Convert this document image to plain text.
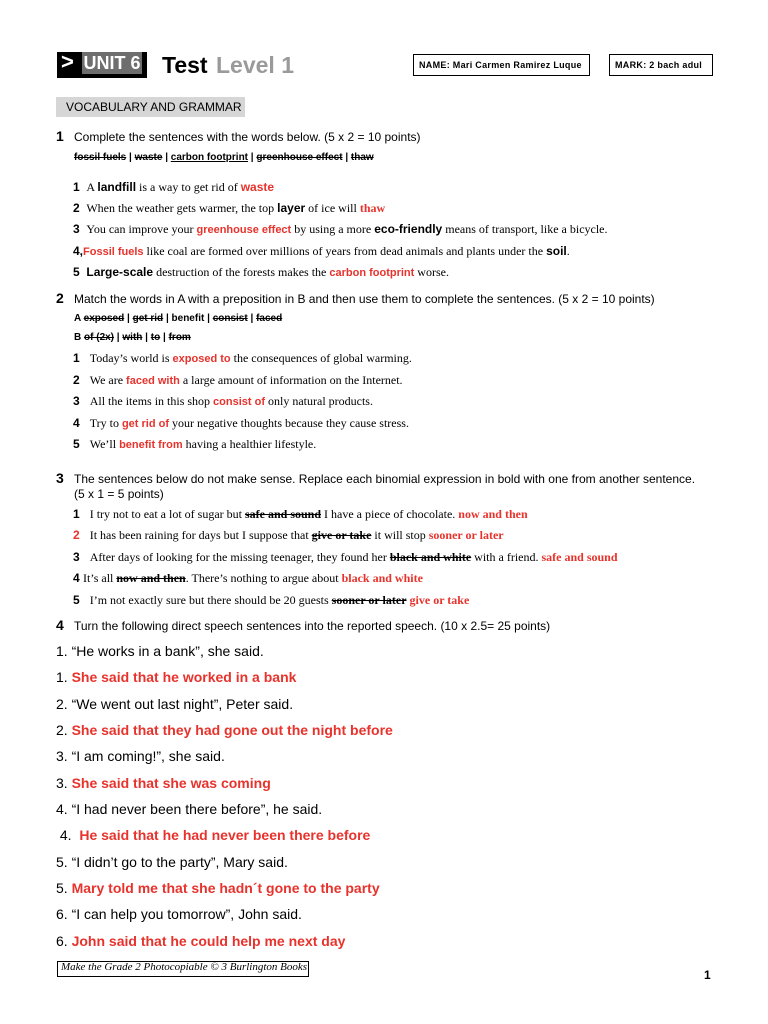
> UNIT 6 Test Level 1	NAME: Mari Carmen Ramirez Luque	MARK: 2 bach adul
VOCABULARY AND GRAMMAR
1 Complete the sentences with the words below. (5 x 2 = 10 points)
fossil fuels | waste | carbon footprint | greenhouse effect | thaw
1 A landfill is a way to get rid of waste
2 When the weather gets warmer, the top layer of ice will thaw
3 You can improve your greenhouse effect by using a more eco-friendly means of transport, like a bicycle.
4,Fossil fuels like coal are formed over millions of years from dead animals and plants under the soil.
5 Large-scale destruction of the forests makes the carbon footprint worse.
2 Match the words in A with a preposition in B and then use them to complete the sentences. (5 x 2 = 10 points)
A exposed | get rid | benefit | consist | faced
B of (2x) | with | to | from
1 Today’s world is exposed to the consequences of global warming.
2 We are faced with a large amount of information on the Internet.
3 All the items in this shop consist of only natural products.
4 Try to get rid of your negative thoughts because they cause stress.
5 We’ll benefit from having a healthier lifestyle.
3 The sentences below do not make sense. Replace each binomial expression in bold with one from another sentence.
(5 x 1 = 5 points)
1 I try not to eat a lot of sugar but safe and sound I have a piece of chocolate. now and then
2 It has been raining for days but I suppose that give or take it will stop sooner or later
3 After days of looking for the missing teenager, they found her black and white with a friend. safe and sound
4 It’s all now and then. There’s nothing to argue about black and white
5 I’m not exactly sure but there should be 20 guests sooner or later give or take
4 Turn the following direct speech sentences into the reported speech. (10 x 2.5= 25 points)
1. “He works in a bank”, she said.
1. She said that he worked in a bank
2. “We went out last night”, Peter said.
2. She said that they had gone out the night before
3. “I am coming!”, she said.
3. She said that she was coming
4. “I had never been there before”, he said.
4.  He said that he had never been there before
5. “I didn’t go to the party”, Mary said.
5. Mary told me that she hadn´t gone to the party
6. “I can help you tomorrow”, John said.
6. John said that he could help me next day
Make the Grade 2 Photocopiable © 3 Burlington Books
1
